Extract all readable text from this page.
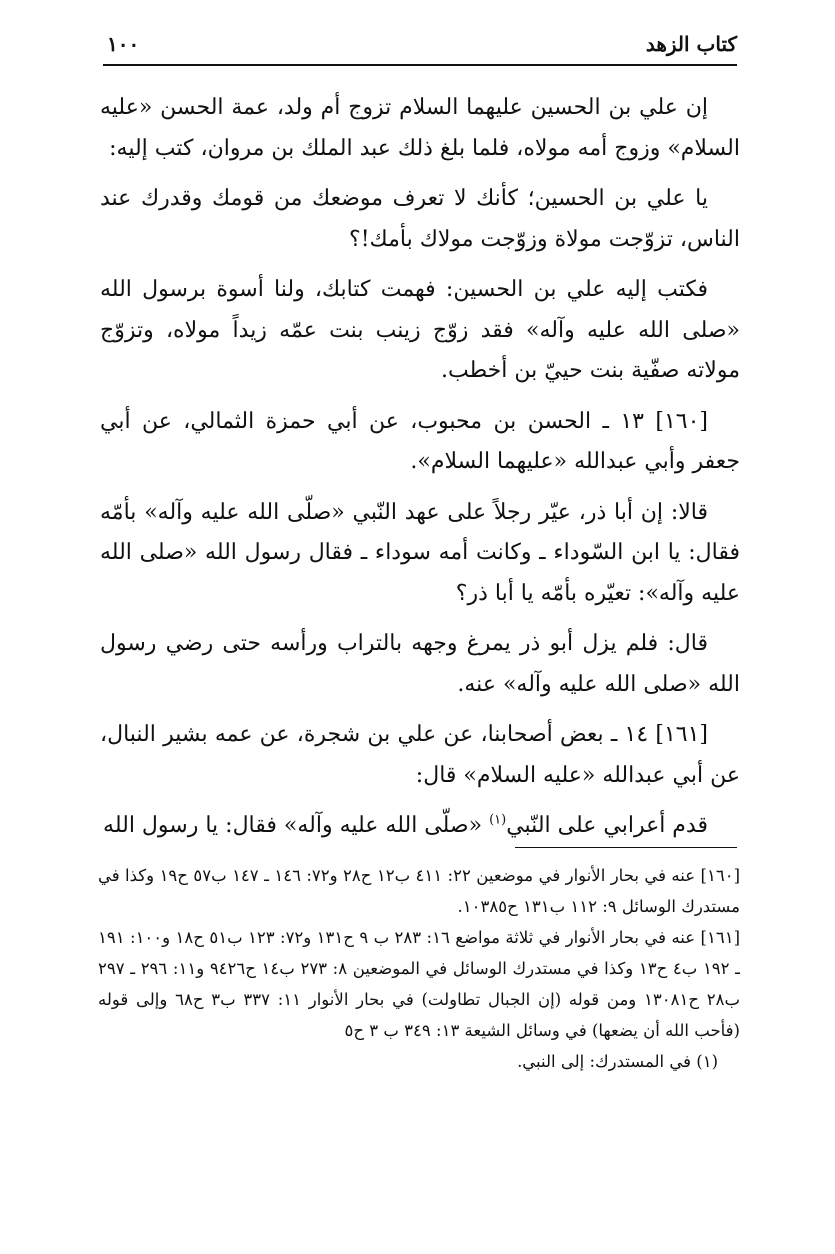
كتاب الزهد
١٠٠

إن علي بن الحسين عليهما السلام تزوج أم ولد، عمة الحسن «عليه السلام» وزوج أمه مولاه، فلما بلغ ذلك عبد الملك بن مروان، كتب إليه:

يا علي بن الحسين؛ كأنك لا تعرف موضعك من قومك وقدرك عند الناس، تزوّجت مولاة وزوّجت مولاك بأمك!؟

فكتب إليه علي بن الحسين: فهمت كتابك، ولنا أسوة برسول الله «صلى الله عليه وآله» فقد زوّج زينب بنت عمّه زيداً مولاه، وتزوّج مولاته صفّية بنت حييّ بن أخطب.

[١٦٠] ١٣ ـ الحسن بن محبوب، عن أبي حمزة الثمالي، عن أبي جعفر وأبي عبدالله «عليهما السلام».

قالا: إن أبا ذر، عيّر رجلاً على عهد النّبي «صلّى الله عليه وآله» بأمّه فقال: يا ابن السّوداء ـ وكانت أمه سوداء ـ فقال رسول الله «صلى الله عليه وآله»: تعيّره بأمّه يا أبا ذر؟

قال: فلم يزل أبو ذر يمرغ وجهه بالتراب ورأسه حتى رضي رسول الله «صلى الله عليه وآله» عنه.

[١٦١] ١٤ ـ بعض أصحابنا، عن علي بن شجرة، عن عمه بشير النبال، عن أبي عبدالله «عليه السلام» قال:

قدم أعرابي على النّبي$^{(١)}$ «صلّى الله عليه وآله» فقال: يا رسول الله

[١٦٠] عنه في بحار الأنوار في موضعين ٢٢: ٤١١ ب١٢ ح٢٨ و٧٢: ١٤٦ ـ ١٤٧ ب٥٧ ح١٩ وكذا في مستدرك الوسائل ٩: ١١٢ ب١٣١ ح١٠٣٨٥.

[١٦١] عنه في بحار الأنوار في ثلاثة مواضع ١٦: ٢٨٣ ب ٩ ح١٣١ و٧٢: ١٢٣ ب٥١ ح١٨ و١٠٠: ١٩١ ـ ١٩٢ ب٤ ح١٣ وكذا في مستدرك الوسائل في الموضعين ٨: ٢٧٣ ب١٤ ح٩٤٢٦ و١١: ٢٩٦ ـ ٢٩٧ ب٢٨ ح١٣٠٨١ ومن قوله (إن الجبال تطاولت) في بحار الأنوار ١١: ٣٣٧ ب٣ ح٦٨ وإلى قوله (فأحب الله أن يضعها) في وسائل الشيعة ١٣: ٣٤٩ ب ٣ ح٥

(١) في المستدرك: إلى النبي.
